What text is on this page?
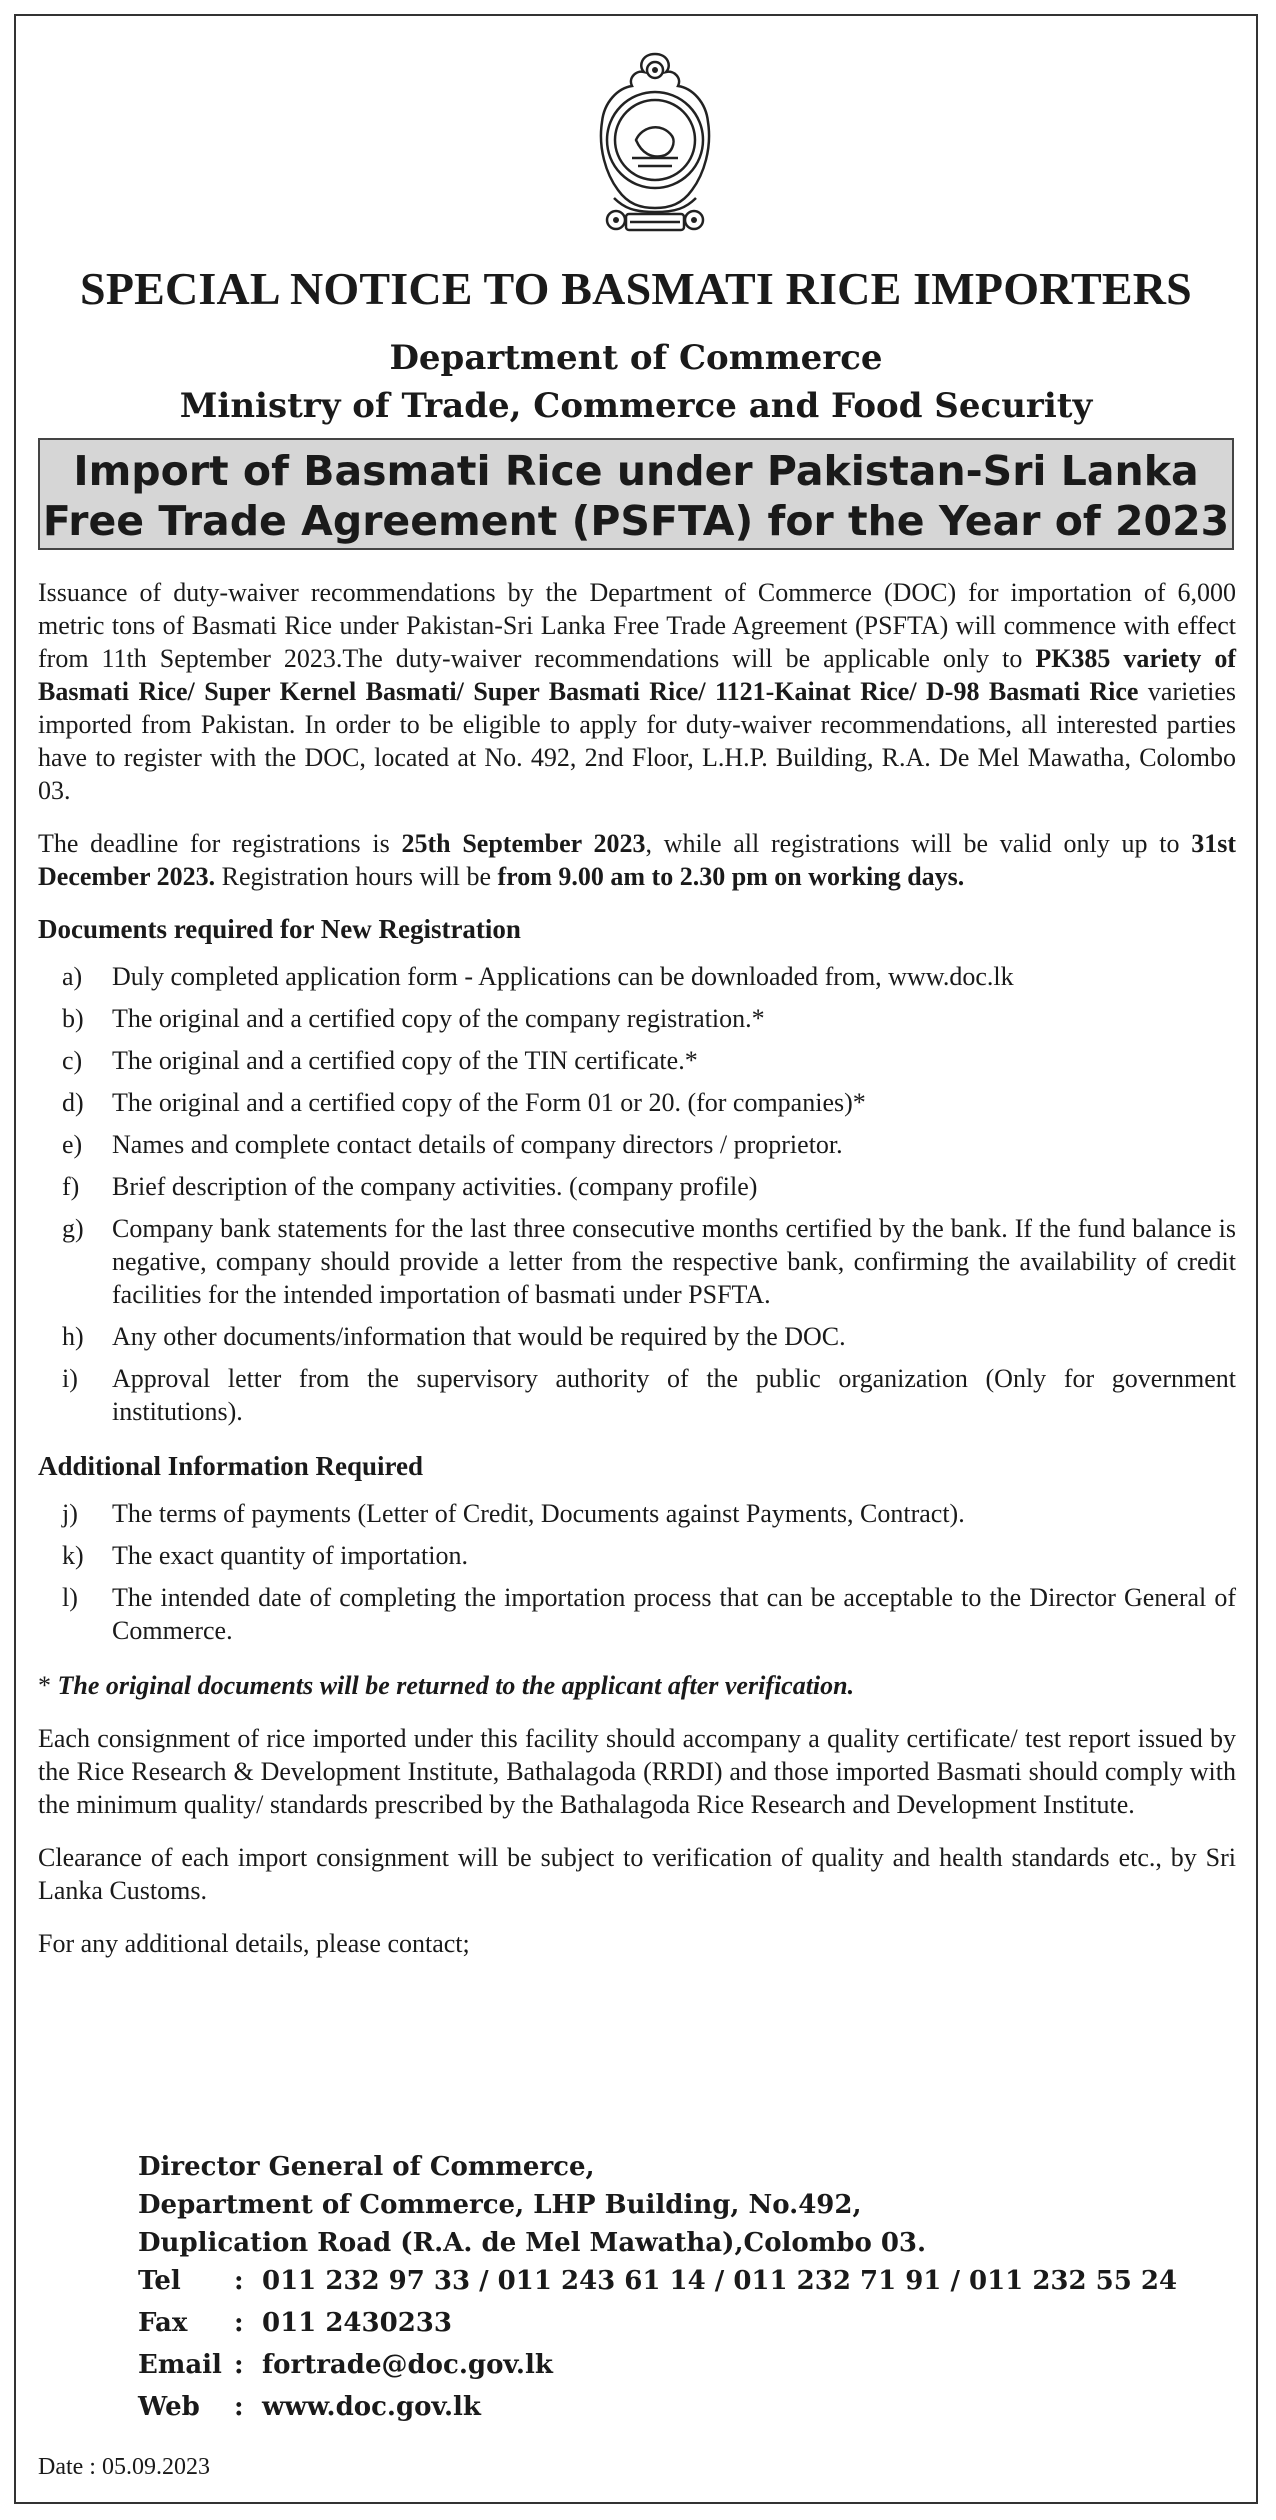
SPECIAL NOTICE TO BASMATI RICE IMPORTERS
Department of Commerce
Ministry of Trade, Commerce and Food Security
Import of Basmati Rice under Pakistan-Sri Lanka
Free Trade Agreement (PSFTA) for the Year of 2023

Issuance of duty-waiver recommendations by the Department of Commerce (DOC) for importation of 6,000 metric tons of Basmati Rice under Pakistan-Sri Lanka Free Trade Agreement (PSFTA) will commence with effect from 11th September 2023.The duty-waiver recommendations will be applicable only to PK385 variety of Basmati Rice/ Super Kernel Basmati/ Super Basmati Rice/ 1121-Kainat Rice/ D-98 Basmati Rice varieties imported from Pakistan. In order to be eligible to apply for duty-waiver recommendations, all interested parties have to register with the DOC, located at No. 492, 2nd Floor, L.H.P. Building, R.A. De Mel Mawatha, Colombo 03.

The deadline for registrations is 25th September 2023, while all registrations will be valid only up to 31st December 2023. Registration hours will be from 9.00 am to 2.30 pm on working days.

Documents required for New Registration
a) Duly completed application form - Applications can be downloaded from, www.doc.lk
b) The original and a certified copy of the company registration.*
c) The original and a certified copy of the TIN certificate.*
d) The original and a certified copy of the Form 01 or 20. (for companies)*
e) Names and complete contact details of company directors / proprietor.
f) Brief description of the company activities. (company profile)
g) Company bank statements for the last three consecutive months certified by the bank. If the fund balance is negative, company should provide a letter from the respective bank, confirming the availability of credit facilities for the intended importation of basmati under PSFTA.
h) Any other documents/information that would be required by the DOC.
i) Approval letter from the supervisory authority of the public organization (Only for government institutions).
Additional Information Required
j) The terms of payments (Letter of Credit, Documents against Payments, Contract).
k) The exact quantity of importation.
l) The intended date of completing the importation process that can be acceptable to the Director General of Commerce.

* The original documents will be returned to the applicant after verification.

Each consignment of rice imported under this facility should accompany a quality certificate/ test report issued by the Rice Research & Development Institute, Bathalagoda (RRDI) and those imported Basmati should comply with the minimum quality/ standards prescribed by the Bathalagoda Rice Research and Development Institute.

Clearance of each import consignment will be subject to verification of quality and health standards etc., by Sri Lanka Customs.

For any additional details, please contact;

Director General of Commerce,
Department of Commerce, LHP Building, No.492,
Duplication Road (R.A. de Mel Mawatha),Colombo 03.
Tel	: 011 232 97 33 / 011 243 61 14 / 011 232 71 91 / 011 232 55 24
Fax	: 011 2430233
Email : fortrade@doc.gov.lk
Web	: www.doc.gov.lk
Date : 05.09.2023
